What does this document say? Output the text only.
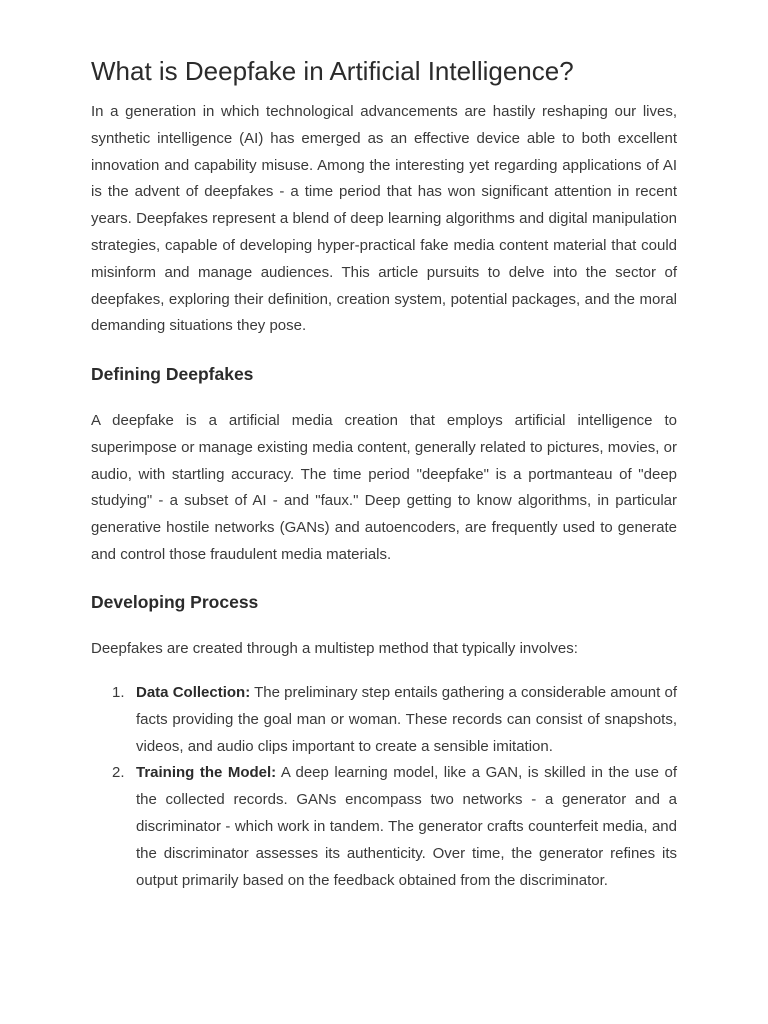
What is Deepfake in Artificial Intelligence?

In a generation in which technological advancements are hastily reshaping our lives, synthetic intelligence (AI) has emerged as an effective device able to both excellent innovation and capability misuse. Among the interesting yet regarding applications of AI is the advent of deepfakes - a time period that has won significant attention in recent years. Deepfakes represent a blend of deep learning algorithms and digital manipulation strategies, capable of developing hyper-practical fake media content material that could misinform and manage audiences. This article pursuits to delve into the sector of deepfakes, exploring their definition, creation system, potential packages, and the moral demanding situations they pose.

Defining Deepfakes

A deepfake is a artificial media creation that employs artificial intelligence to superimpose or manage existing media content, generally related to pictures, movies, or audio, with startling accuracy. The time period "deepfake" is a portmanteau of "deep studying" - a subset of AI - and "faux." Deep getting to know algorithms, in particular generative hostile networks (GANs) and autoencoders, are frequently used to generate and control those fraudulent media materials.

Developing Process

Deepfakes are created through a multistep method that typically involves:

1. Data Collection: The preliminary step entails gathering a considerable amount of facts providing the goal man or woman. These records can consist of snapshots, videos, and audio clips important to create a sensible imitation.
2. Training the Model: A deep learning model, like a GAN, is skilled in the use of the collected records. GANs encompass two networks - a generator and a discriminator - which work in tandem. The generator crafts counterfeit media, and the discriminator assesses its authenticity. Over time, the generator refines its output primarily based on the feedback obtained from the discriminator.
